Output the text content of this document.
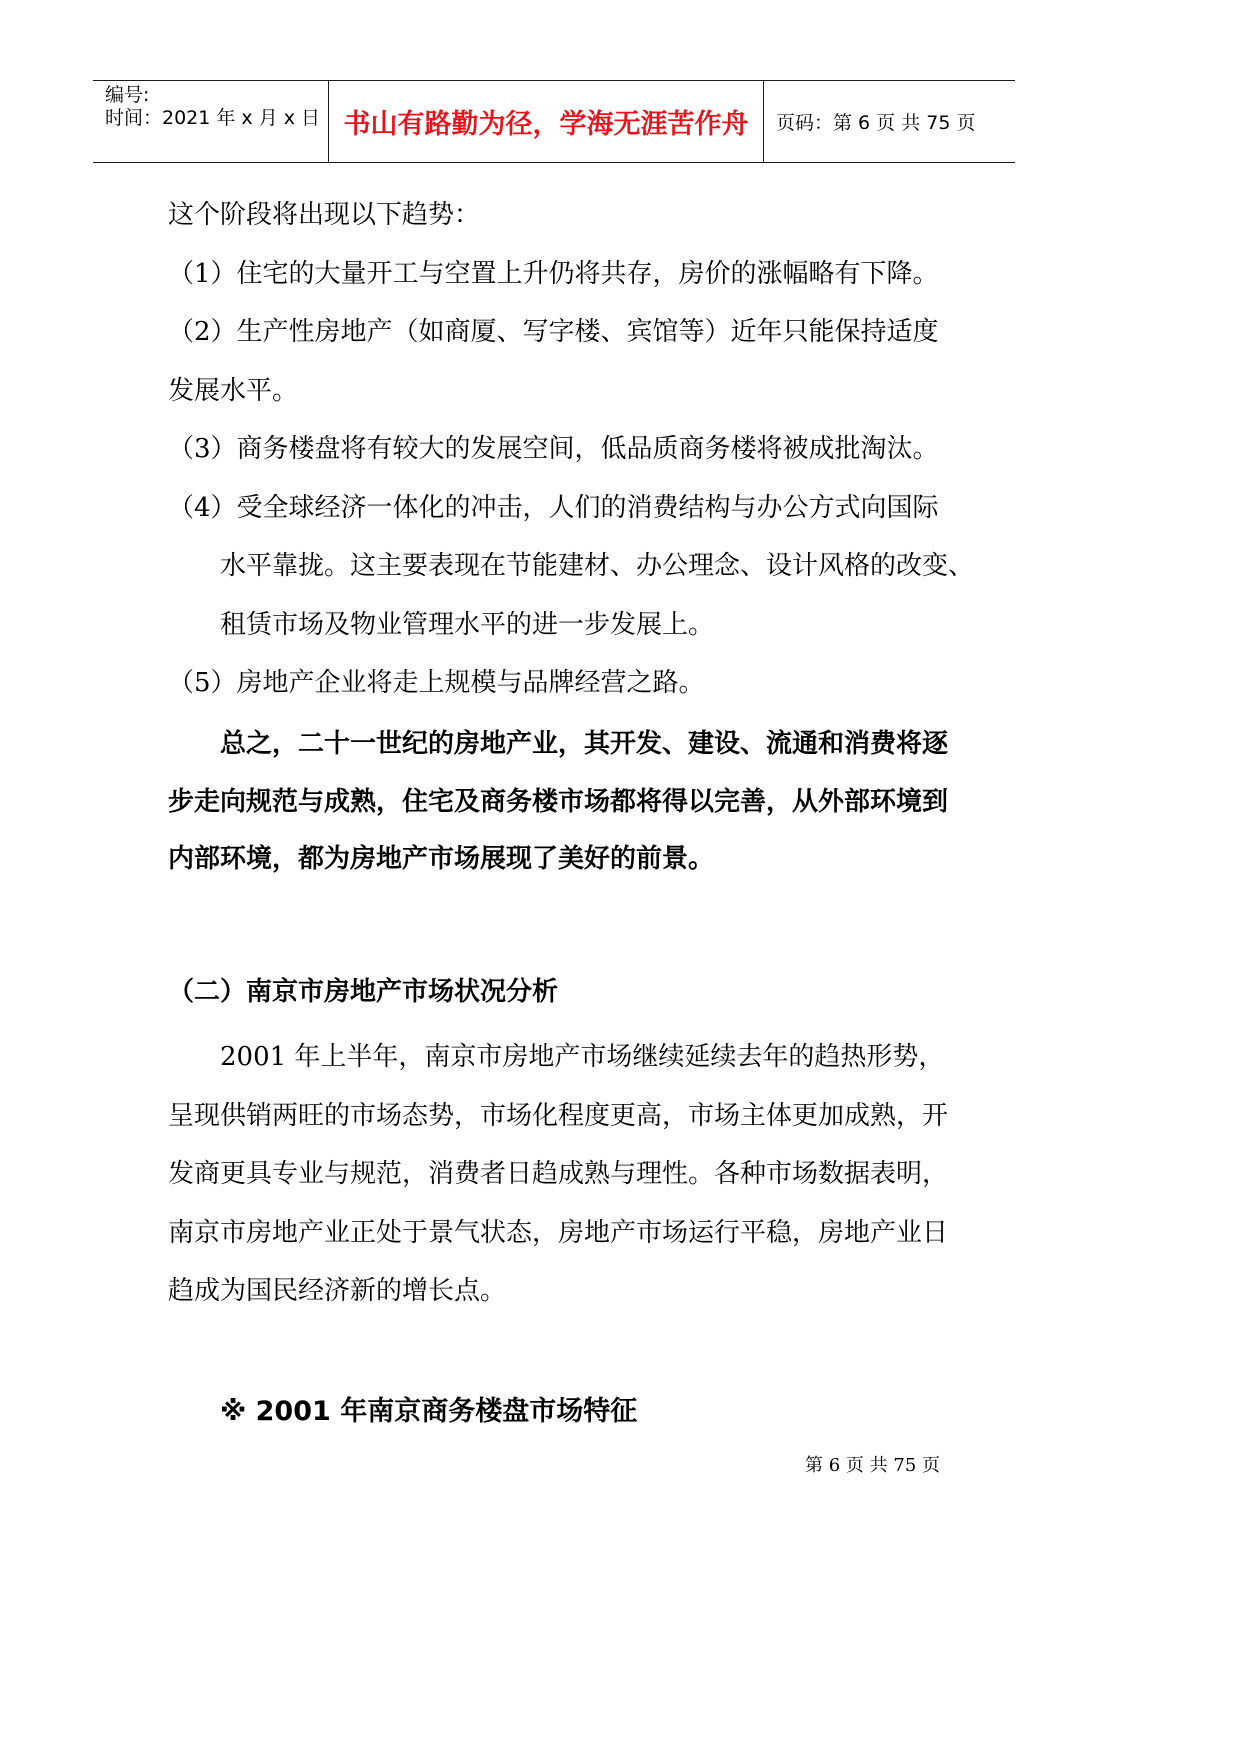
编号:
时间：2021 年 x 月 x 日 书山有路勤为径，学海无涯苦作舟 页码：第 6 页 共 75 页
这个阶段将出现以下趋势：
（1）住宅的大量开工与空置上升仍将共存，房价的涨幅略有下降。
（2）生产性房地产（如商厦、写字楼、宾馆等）近年只能保持适度
发展水平。
（3）商务楼盘将有较大的发展空间，低品质商务楼将被成批淘汰。
（4）受全球经济一体化的冲击，人们的消费结构与办公方式向国际
水平靠拢。这主要表现在节能建材、办公理念、设计风格的改变、
租赁市场及物业管理水平的进一步发展上。
（5）房地产企业将走上规模与品牌经营之路。
总之，二十一世纪的房地产业，其开发、建设、流通和消费将逐
步走向规范与成熟，住宅及商务楼市场都将得以完善，从外部环境到
内部环境，都为房地产市场展现了美好的前景。
（二）南京市房地产市场状况分析
2001 年上半年，南京市房地产市场继续延续去年的趋热形势，
呈现供销两旺的市场态势，市场化程度更高，市场主体更加成熟，开
发商更具专业与规范，消费者日趋成熟与理性。各种市场数据表明，
南京市房地产业正处于景气状态，房地产市场运行平稳，房地产业日
趋成为国民经济新的增长点。
※ 2001 年南京商务楼盘市场特征
第 6 页 共 75 页
